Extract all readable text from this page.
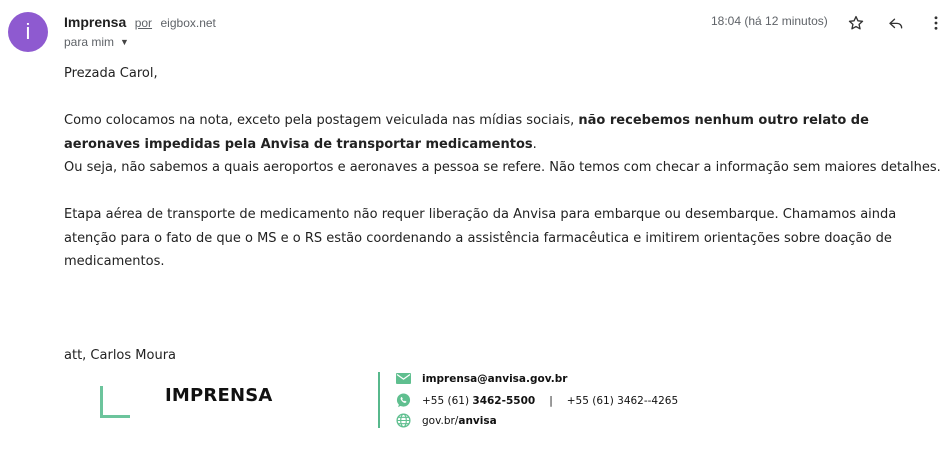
i	Imprensa por eigbox.net
para mim ▼
18:04 (há 12 minutos)

Prezada Carol,

Como colocamos na nota, exceto pela postagem veiculada nas mídias sociais, não recebemos nenhum outro relato de aeronaves impedidas pela Anvisa de transportar medicamentos.

Ou seja, não sabemos a quais aeroportos e aeronaves a pessoa se refere. Não temos com checar a informação sem maiores detalhes.

Etapa aérea de transporte de medicamento não requer liberação da Anvisa para embarque ou desembarque. Chamamos ainda atenção para o fato de que o MS e o RS estão coordenando a assistência farmacêutica e imitirem orientações sobre doação de medicamentos.

att, Carlos Moura

IMPRENSA
imprensa@anvisa.gov.br
+55 (61) 3462-5500 | +55 (61) 3462--4265
gov.br/anvisa
